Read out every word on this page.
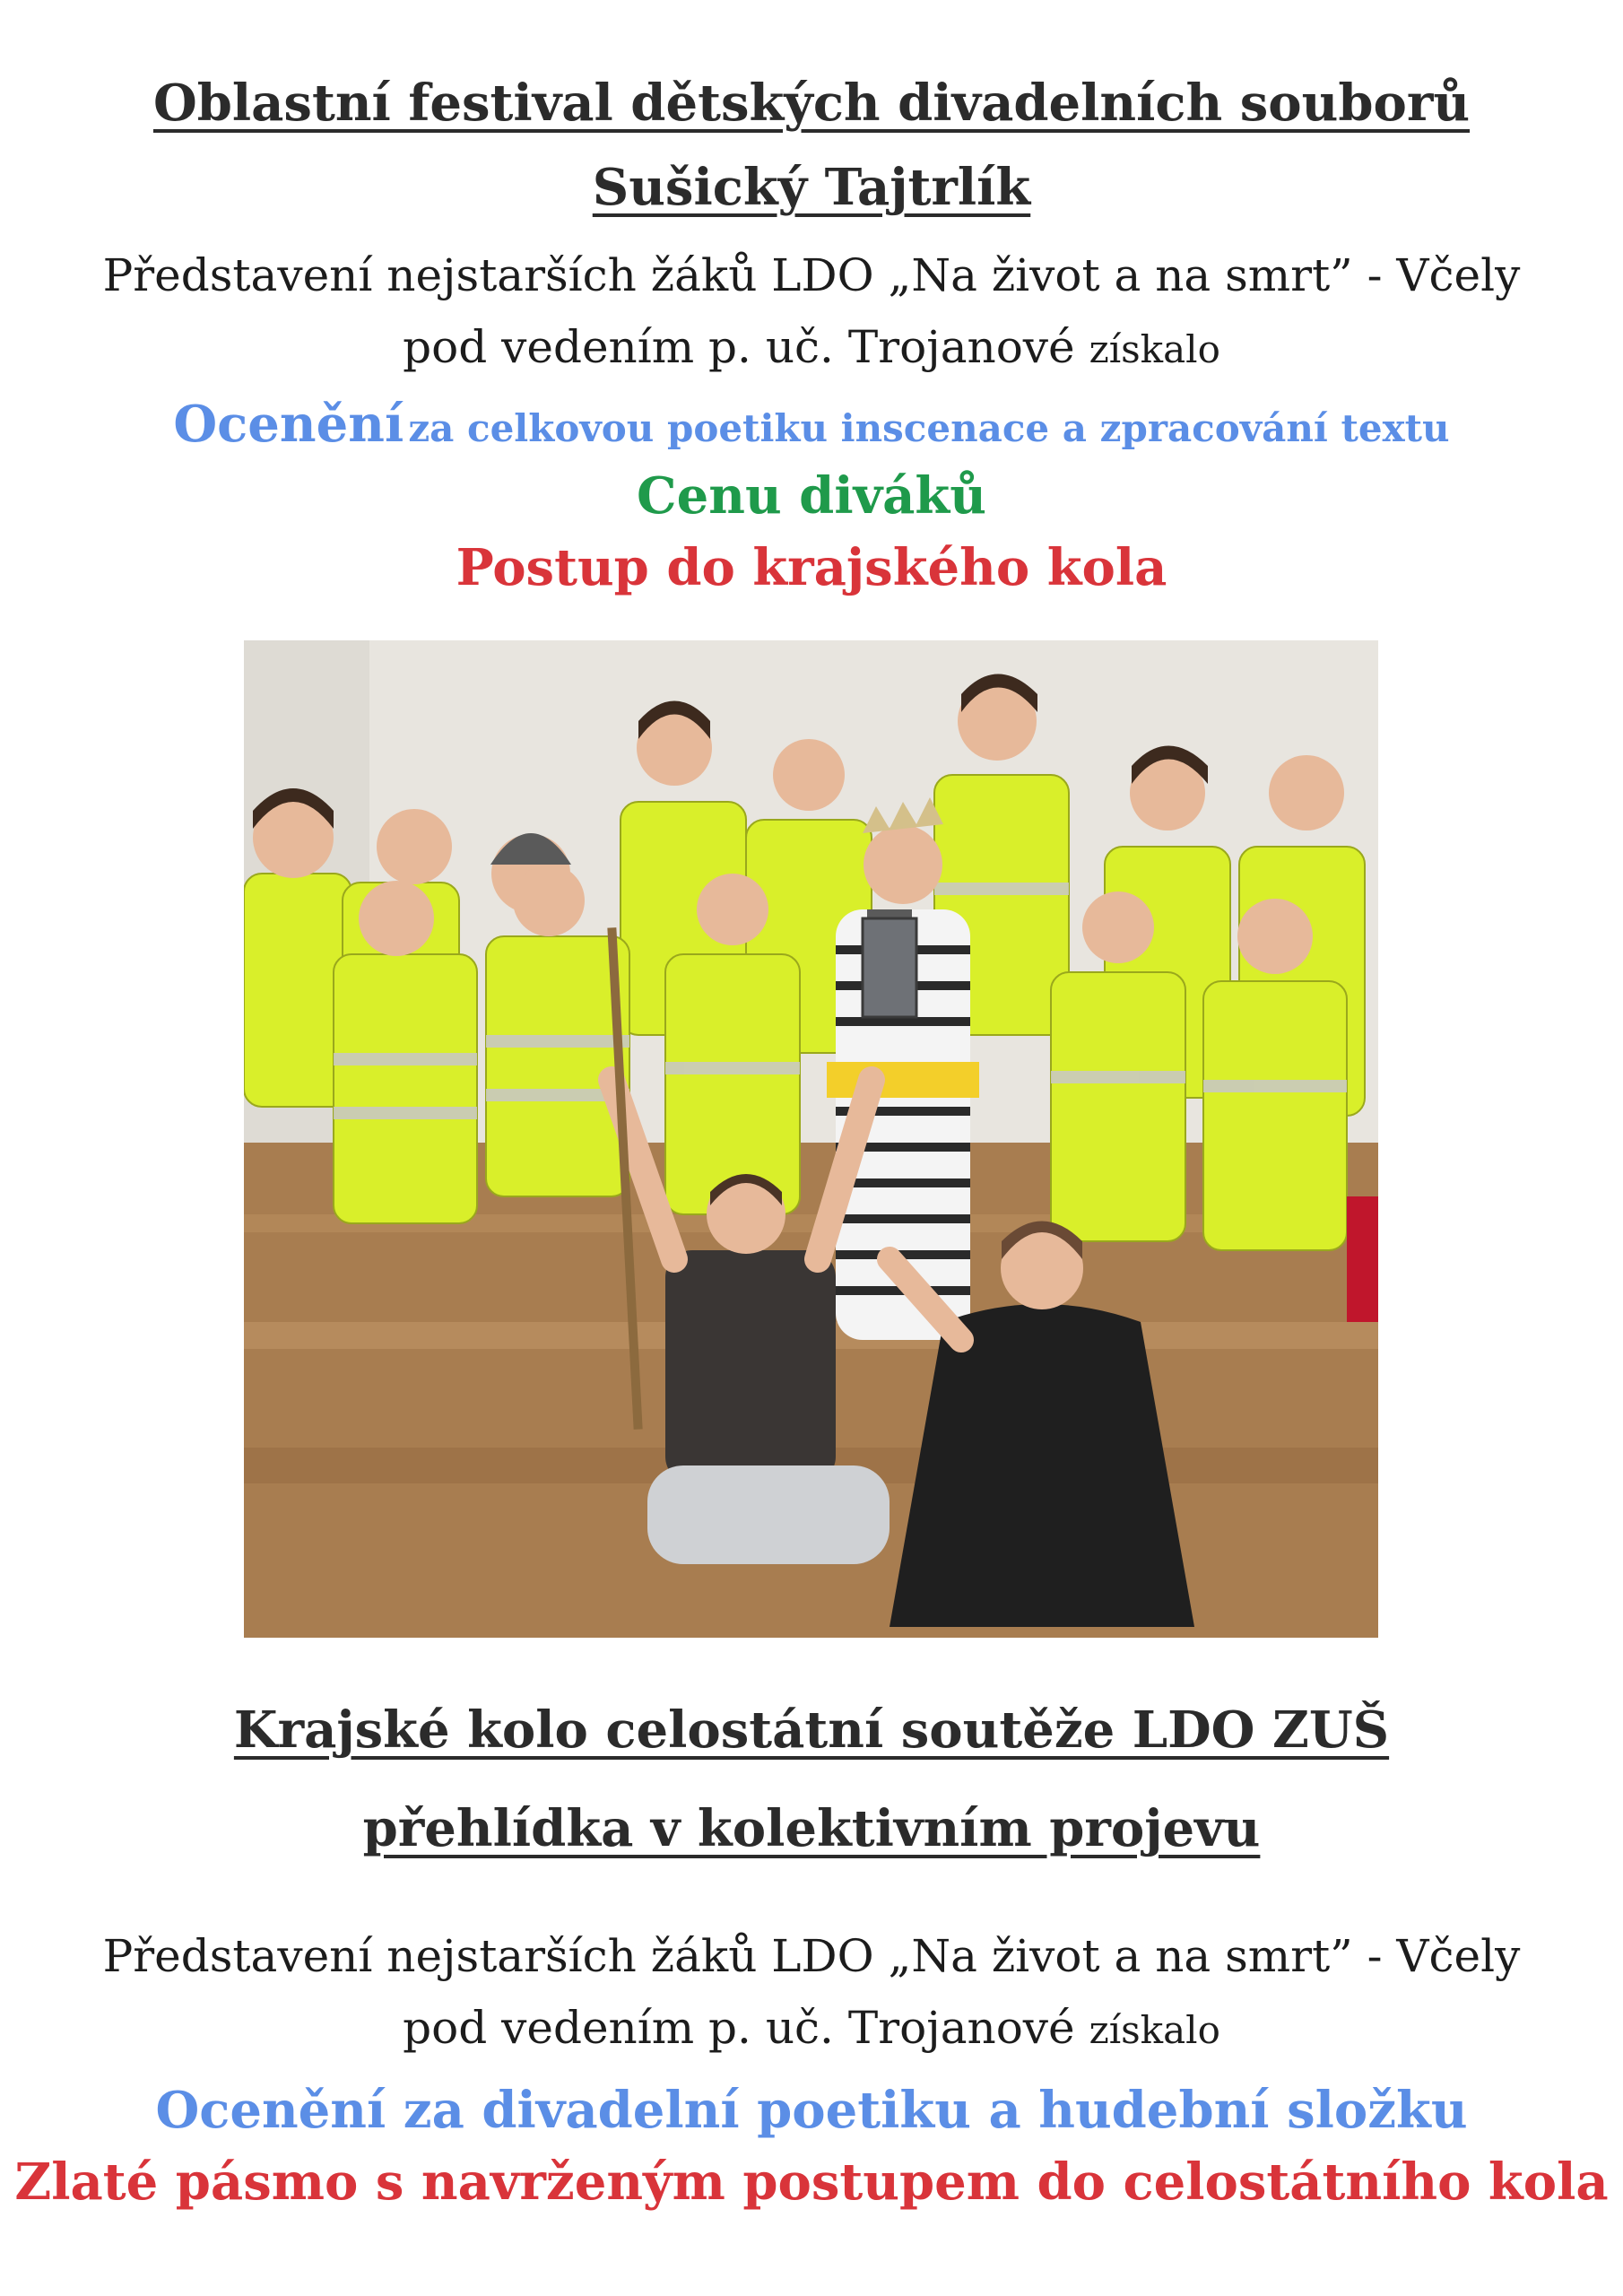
Oblastní festival dětských divadelních souborů
Sušický Tajtrlík
Představení nejstarších žáků LDO „Na život a na smrt” - Včely
pod vedením p. uč. Trojanové získalo
Ocenění za celkovou poetiku inscenace a zpracování textu
Cenu diváků
Postup do krajského kola
Krajské kolo celostátní soutěže LDO ZUŠ
přehlídka v kolektivním projevu
Představení nejstarších žáků LDO „Na život a na smrt” - Včely
pod vedením p. uč. Trojanové získalo
Ocenění za divadelní poetiku a hudební složku
Zlaté pásmo s navrženým postupem do celostátního kola
